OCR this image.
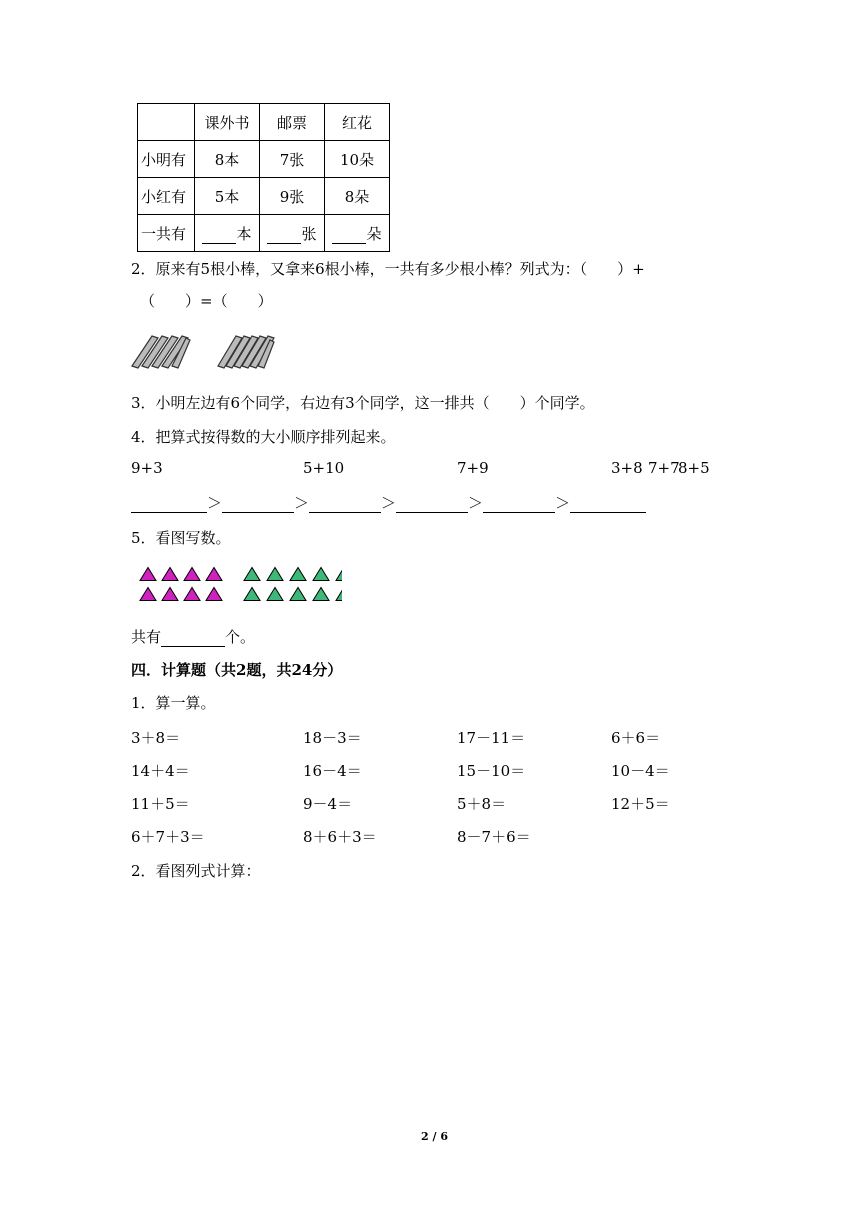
	课外书	邮票	红花
小明有	8本	7张	10朵
小红有	5本	9张	8朵
一共有	本	张	朵
2．原来有5根小棒，又拿来6根小棒，一共有多少根小棒？列式为：（　　）+
（　　）=（　　）
3．小明左边有6个同学，右边有3个同学，这一排共（　　）个同学。
4．把算式按得数的大小顺序排列起来。
9+3	5+10	7+9	3+8 7+7
8+5
＞	＞	＞	＞	＞
5．看图写数。
共有	个。
四．计算题（共2题，共24分）
1．算一算。
3＋8＝	18－3＝	17－11＝	6＋6＝
14＋4＝	16－4＝	15－10＝	10－4＝
11＋5＝	9－4＝	5＋8＝	12＋5＝
6＋7＋3＝	8＋6＋3＝	8－7＋6＝
2．看图列式计算：
2 / 6
